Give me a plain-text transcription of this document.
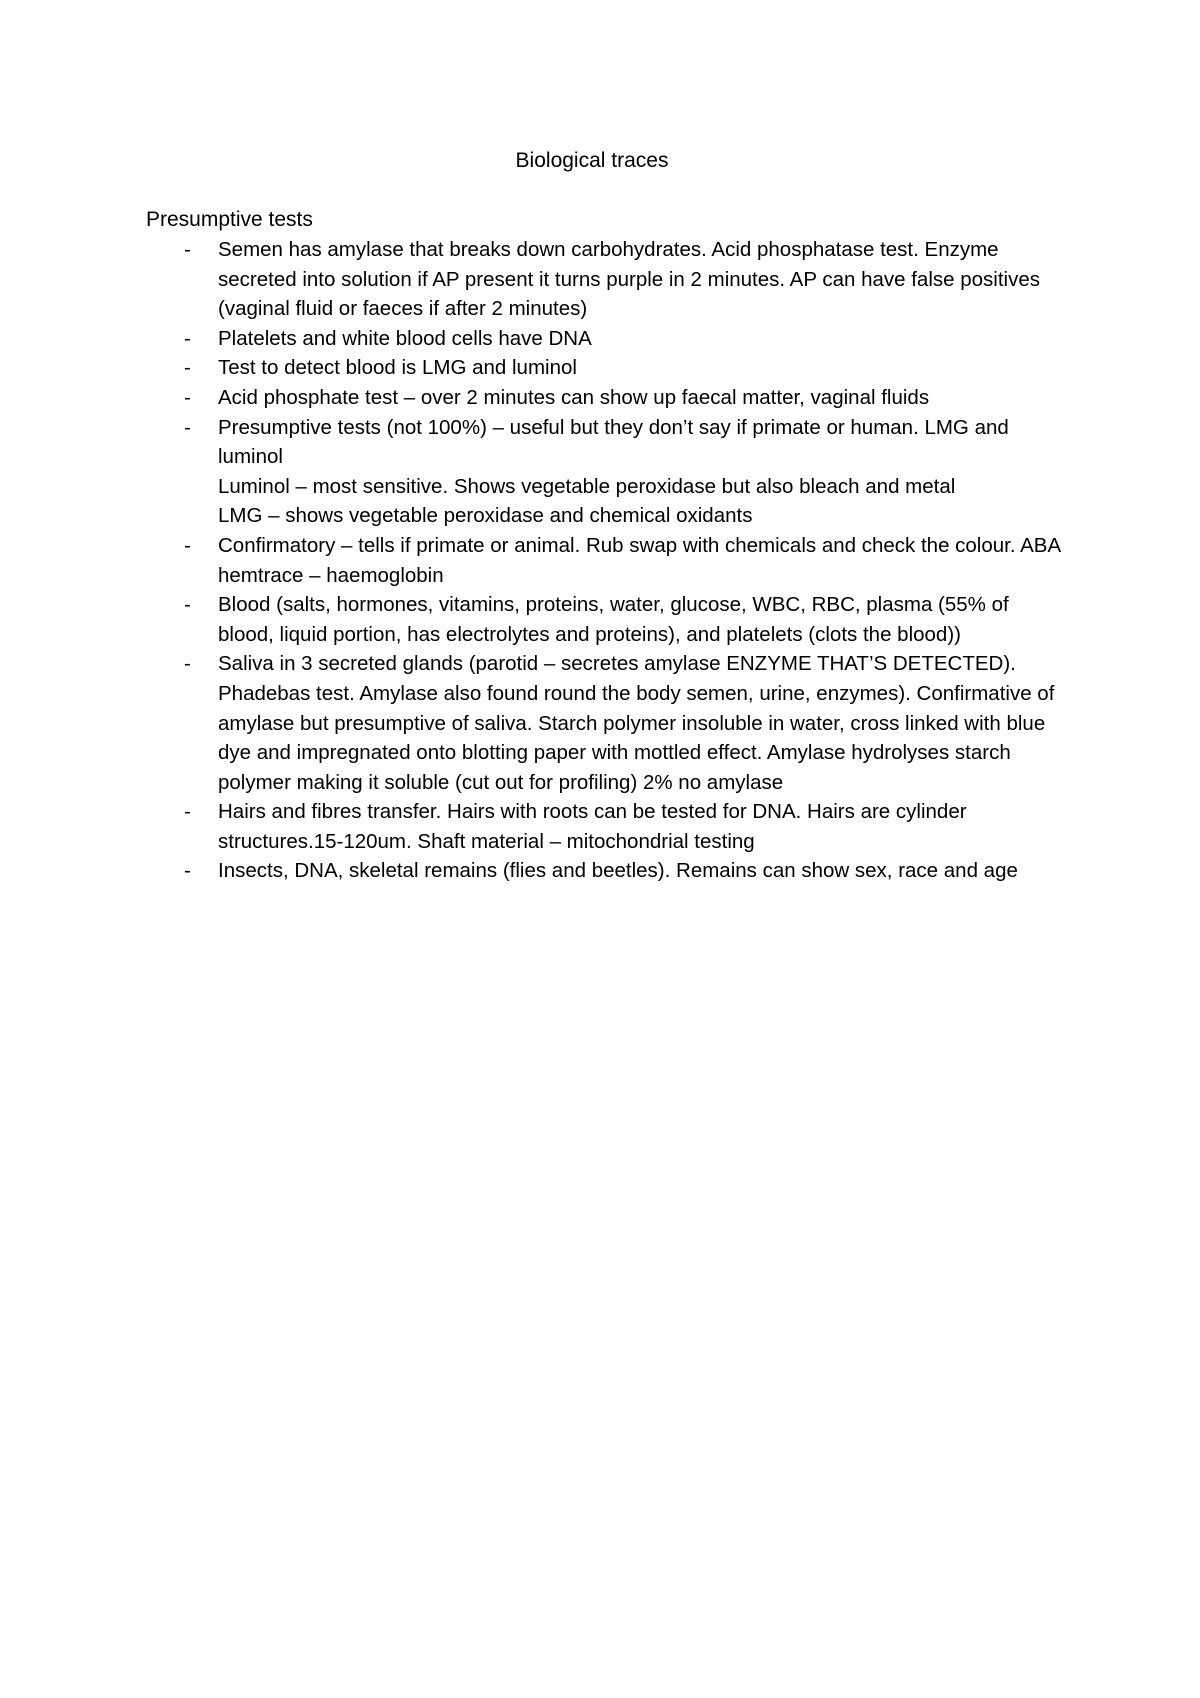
Biological traces
Presumptive tests
- Semen has amylase that breaks down carbohydrates. Acid phosphatase test. Enzyme secreted into solution if AP present it turns purple in 2 minutes. AP can have false positives (vaginal fluid or faeces if after 2 minutes)
- Platelets and white blood cells have DNA
- Test to detect blood is LMG and luminol
- Acid phosphate test – over 2 minutes can show up faecal matter, vaginal fluids
- Presumptive tests (not 100%) – useful but they don’t say if primate or human. LMG and luminol
Luminol – most sensitive. Shows vegetable peroxidase but also bleach and metal
LMG – shows vegetable peroxidase and chemical oxidants
- Confirmatory – tells if primate or animal. Rub swap with chemicals and check the colour. ABA hemtrace – haemoglobin
- Blood (salts, hormones, vitamins, proteins, water, glucose, WBC, RBC, plasma (55% of blood, liquid portion, has electrolytes and proteins), and platelets (clots the blood))
- Saliva in 3 secreted glands (parotid – secretes amylase ENZYME THAT’S DETECTED). Phadebas test. Amylase also found round the body semen, urine, enzymes). Confirmative of amylase but presumptive of saliva. Starch polymer insoluble in water, cross linked with blue dye and impregnated onto blotting paper with mottled effect. Amylase hydrolyses starch polymer making it soluble (cut out for profiling) 2% no amylase
- Hairs and fibres transfer. Hairs with roots can be tested for DNA. Hairs are cylinder structures.15-120um. Shaft material – mitochondrial testing
- Insects, DNA, skeletal remains (flies and beetles). Remains can show sex, race and age
